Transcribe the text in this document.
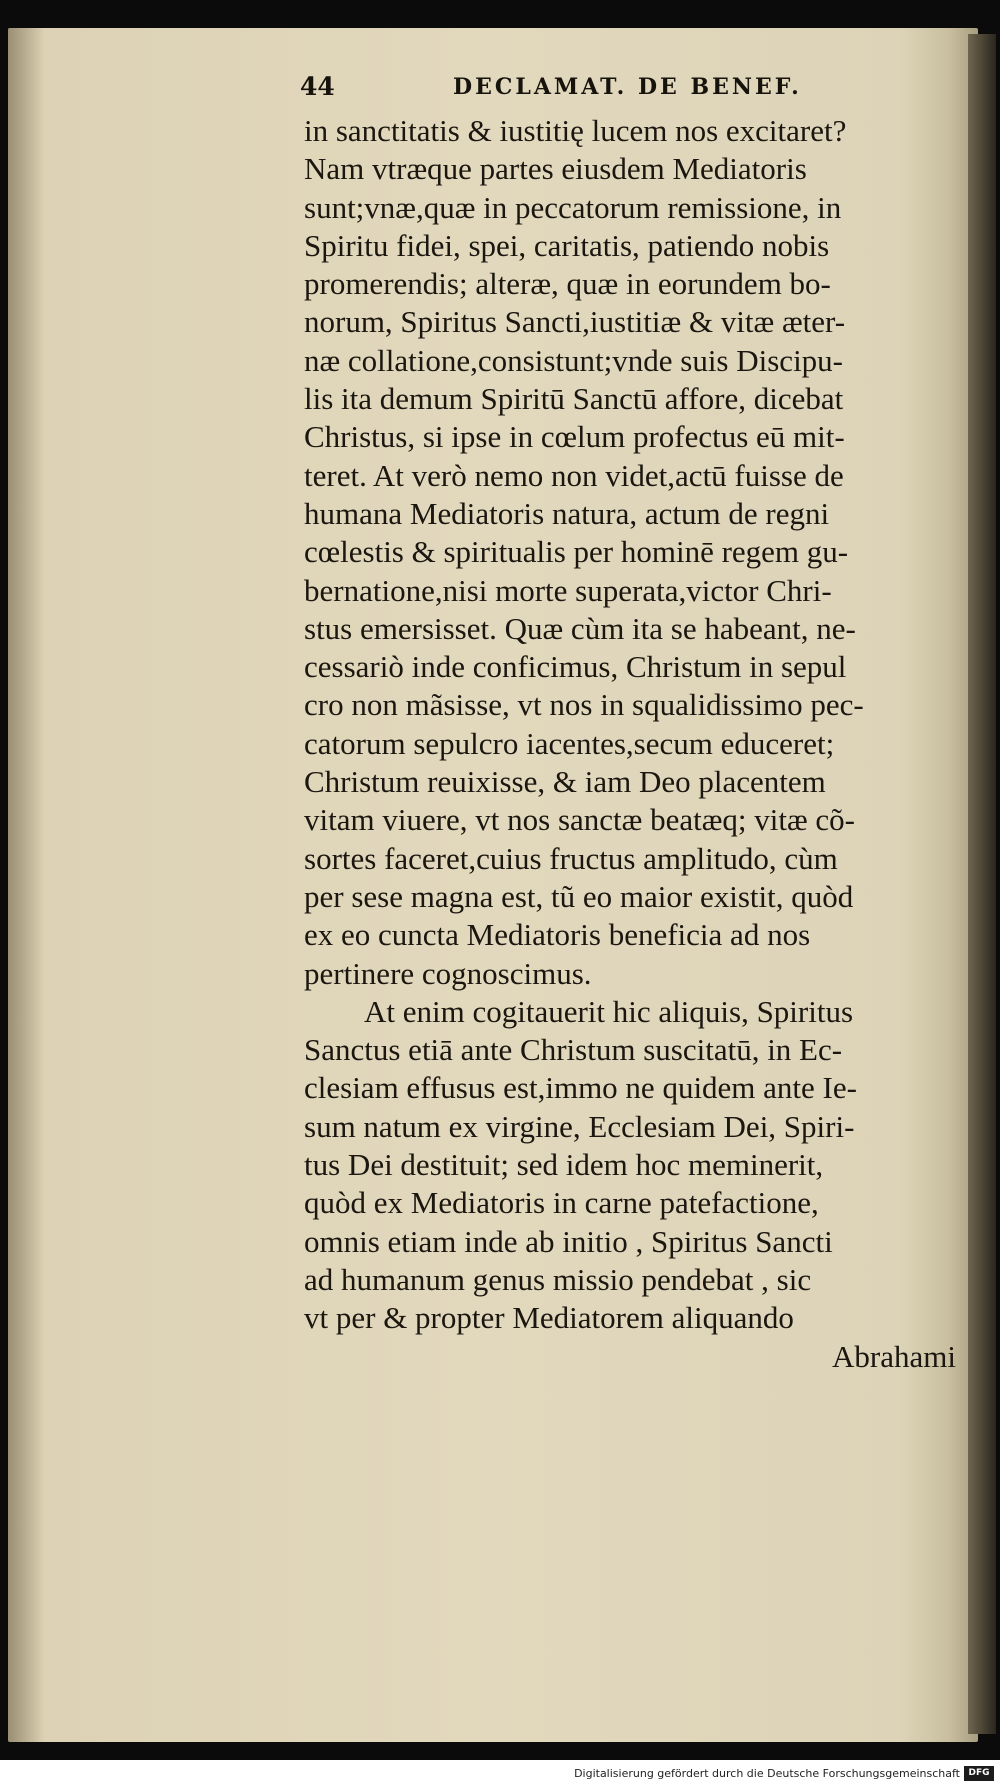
44	DECLAMAT. DE BENEF.
in sanctitatis & iustitię lucem nos excitaret?
Nam vtræque partes eiusdem Mediatoris
sunt;vnæ,quæ in peccatorum remissione, in
Spiritu fidei, spei, caritatis, patiendo nobis
promerendis; alteræ, quæ in eorundem bo-
norum, Spiritus Sancti,iustitiæ & vitæ æter-
næ collatione,consistunt;vnde suis Discipu-
lis ita demum Spiritū Sanctū affore, dicebat
Christus, si ipse in cœlum profectus eū mit-
teret. At verò nemo non videt,actū fuisse de
humana Mediatoris natura, actum de regni
cœlestis & spiritualis per hominē regem gu-
bernatione,nisi morte superata,victor Chri-
stus emersisset. Quæ cùm ita se habeant, ne-
cessariò inde conficimus, Christum in sepul
cro non mãsisse, vt nos in squalidissimo pec-
catorum sepulcro iacentes,secum educeret;
Christum reuixisse, & iam Deo placentem
vitam viuere, vt nos sanctæ beatæq; vitæ cõ-
sortes faceret,cuius fructus amplitudo, cùm
per sese magna est, tũ eo maior existit, quòd
ex eo cuncta Mediatoris beneficia ad nos
pertinere cognoscimus.
At enim cogitauerit hic aliquis, Spiritus
Sanctus etiā ante Christum suscitatū, in Ec-
clesiam effusus est,immo ne quidem ante Ie-
sum natum ex virgine, Ecclesiam Dei, Spiri-
tus Dei destituit; sed idem hoc meminerit,
quòd ex Mediatoris in carne patefactione,
omnis etiam inde ab initio , Spiritus Sancti
ad humanum genus missio pendebat , sic
vt per & propter Mediatorem aliquando
Abrahami
Digitalisierung gefördert durch die Deutsche Forschungsgemeinschaft DFG
